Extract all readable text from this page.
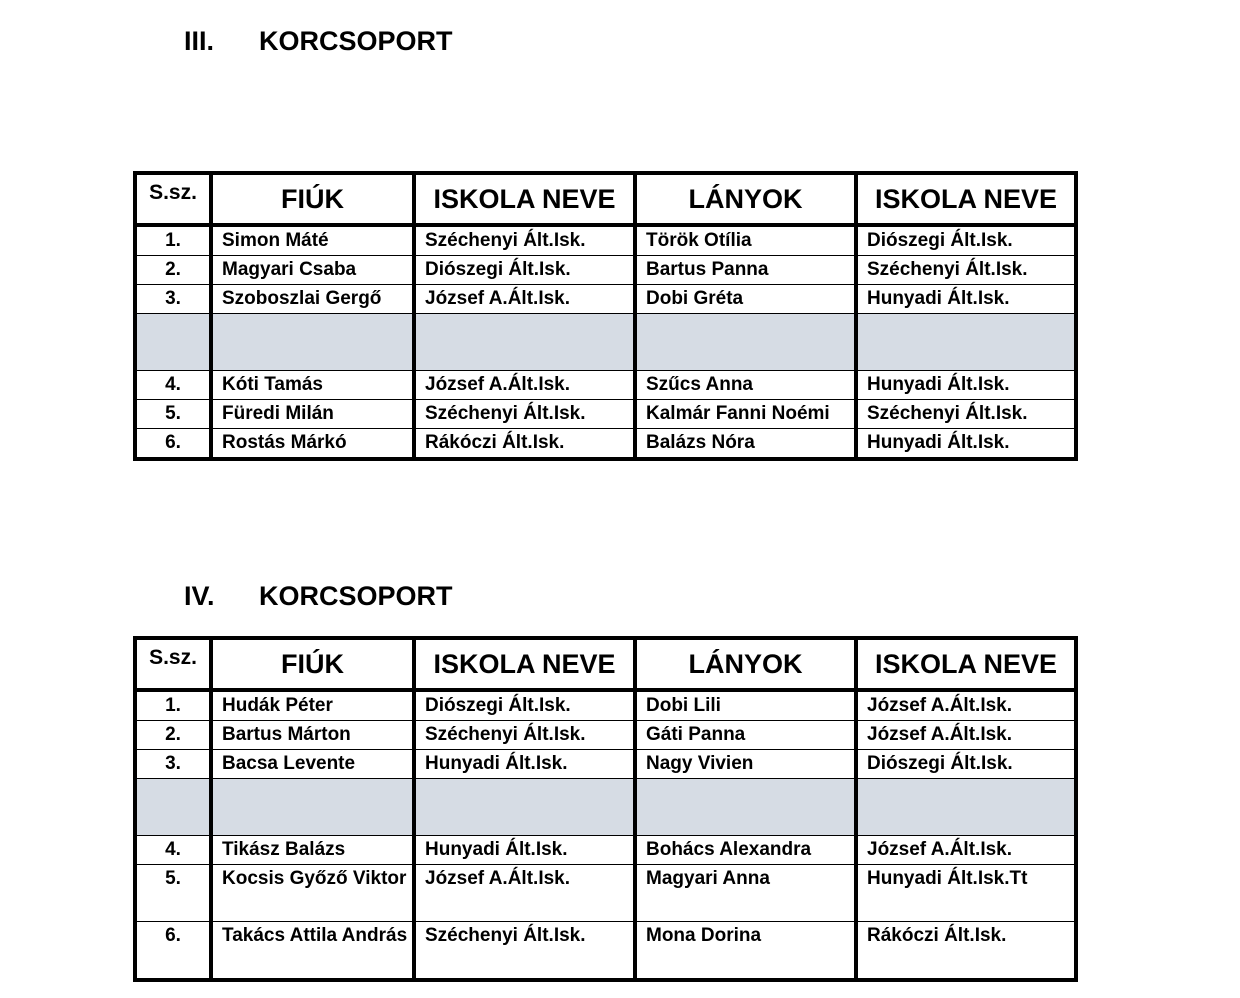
III. KORCSOPORT
S.sz.	FIÚK	ISKOLA NEVE	LÁNYOK	ISKOLA NEVE
1.	Simon Máté	Széchenyi Ált.Isk.	Török Otília	Diószegi Ált.Isk.
2.	Magyari Csaba	Diószegi Ált.Isk.	Bartus Panna	Széchenyi Ált.Isk.
3.	Szoboszlai Gergő	József A.Ált.Isk.	Dobi Gréta	Hunyadi Ált.Isk.

4.	Kóti Tamás	József A.Ált.Isk.	Szűcs Anna	Hunyadi Ált.Isk.
5.	Füredi Milán	Széchenyi Ált.Isk.	Kalmár Fanni Noémi	Széchenyi Ált.Isk.
6.	Rostás Márkó	Rákóczi Ált.Isk.	Balázs Nóra	Hunyadi Ált.Isk.
IV. KORCSOPORT
S.sz.	FIÚK	ISKOLA NEVE	LÁNYOK	ISKOLA NEVE
1.	Hudák Péter	Diószegi Ált.Isk.	Dobi Lili	József A.Ált.Isk.
2.	Bartus Márton	Széchenyi Ált.Isk.	Gáti Panna	József A.Ált.Isk.
3.	Bacsa Levente	Hunyadi Ált.Isk.	Nagy Vivien	Diószegi Ált.Isk.

4.	Tikász Balázs	Hunyadi Ált.Isk.	Bohács Alexandra	József A.Ált.Isk.
5.	Kocsis Győző Viktor	József A.Ált.Isk.	Magyari Anna	Hunyadi Ált.Isk.Tt
6.	Takács Attila András	Széchenyi Ált.Isk.	Mona Dorina	Rákóczi Ált.Isk.
